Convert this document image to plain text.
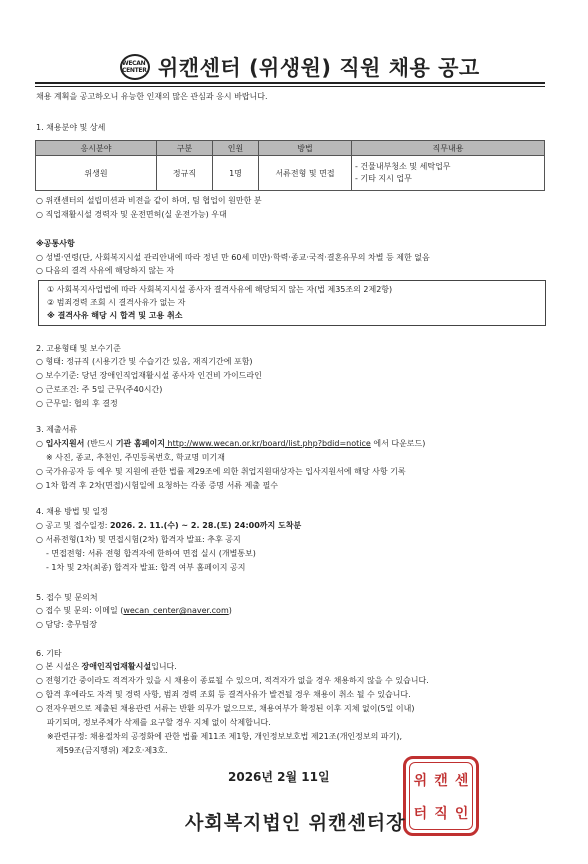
WECAN CENTER 위캔센터 (위생원) 직원 채용 공고
채용 계획을 공고하오니 유능한 인재의 많은 관심과 응시 바랍니다.
1. 채용분야 및 상세
응시분야	구분	인원	방법	직무내용
위생원	정규직	1명	서류전형 및 면접	- 건물내부청소 및 세탁업무
- 기타 지시 업무
○ 위캔센터의 설립미션과 비전을 같이 하며, 팀 협업이 원만한 분
○ 직업재활시설 경력자 및 운전면허(실 운전가능) 우대
※공통사항
○ 성별·연령(단, 사회복지시설 관리안내에 따라 정년 만 60세 미만)·학력·종교·국적·결혼유무의 차별 등 제한 없음
○ 다음의 결격 사유에 해당하지 않는 자
① 사회복지사업법에 따라 사회복지시설 종사자 결격사유에 해당되지 않는 자(법 제35조의 2제2항)
② 범죄경력 조회 시 결격사유가 없는 자
※ 결격사유 해당 시 합격 및 고용 취소
2. 고용형태 및 보수기준
○ 형태: 정규직 (시용기간 및 수습기간 있음, 재직기간에 포함)
○ 보수기준: 당년 장애인직업재활시설 종사자 인건비 가이드라인
○ 근로조건: 주 5일 근무(주40시간)
○ 근무일: 협의 후 결정
3. 제출서류
○ 입사지원서 (반드시 기관 홈페이지 http://www.wecan.or.kr/board/list.php?bdid=notice 에서 다운로드)
※ 사진, 종교, 추천인, 주민등록번호, 학교명 미기재
○ 국가유공자 등 예우 및 지원에 관한 법률 제29조에 의한 취업지원대상자는 입사지원서에 해당 사항 기록
○ 1차 합격 후 2차(면접)시험일에 요청하는 각종 증명 서류 제출 필수
4. 채용 방법 및 일정
○ 공고 및 접수일정: 2026. 2. 11.(수) ~ 2. 28.(토) 24:00까지 도착분
○ 서류전형(1차) 및 면접시험(2차) 합격자 발표: 추후 공지
- 면접전형: 서류 전형 합격자에 한하여 면접 실시 (개별통보)
- 1차 및 2차(최종) 합격자 발표: 합격 여부 홈페이지 공지
5. 접수 및 문의처
○ 접수 및 문의: 이메일 (wecan_center@naver.com)
○ 담당: 총무팀장
6. 기타
○ 본 시설은 장애인직업재활시설입니다.
○ 전형기간 중이라도 적격자가 있을 시 채용이 종료될 수 있으며, 적격자가 없을 경우 채용하지 않을 수 있습니다.
○ 합격 후에라도 자격 및 경력 사항, 범죄 경력 조회 등 결격사유가 발견될 경우 채용이 취소 될 수 있습니다.
○ 전자우편으로 제출된 채용관련 서류는 반환 의무가 없으므로, 채용여부가 확정된 이후 지체 없이(5일 이내)
파기되며, 정보주체가 삭제를 요구할 경우 지체 없이 삭제합니다.
※관련규정: 채용절차의 공정화에 관한 법률 제11조 제1항, 개인정보보호법 제21조(개인정보의 파기),
제59조(금지행위) 제2호·제3호.
2026년 2월 11일	위 캔 센
터 직 인
사회복지법인 위캔센터장
